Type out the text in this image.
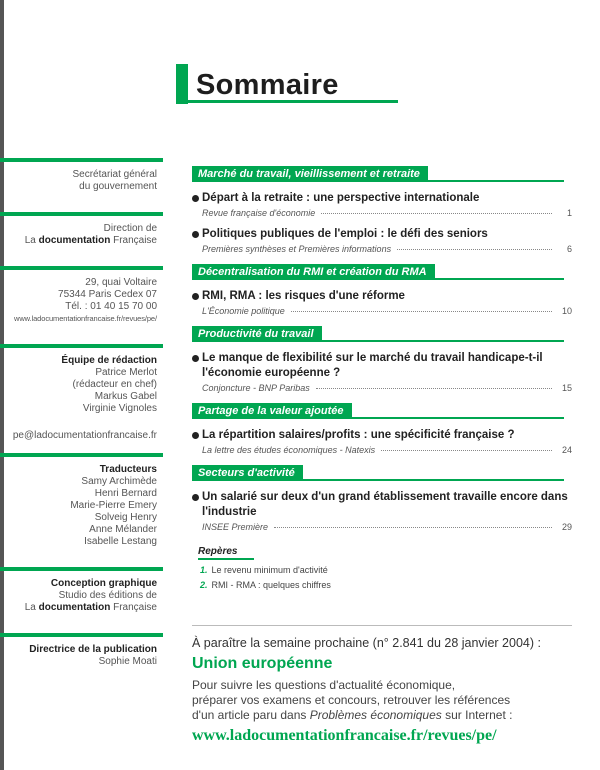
Sommaire
Secrétariat général
du gouvernement
Direction de
La documentation Française
29, quai Voltaire
75344 Paris Cedex 07
Tél. : 01 40 15 70 00
www.ladocumentationfrancaise.fr/revues/pe/
Équipe de rédaction
Patrice Merlot
(rédacteur en chef)
Markus Gabel
Virginie Vignoles
pe@ladocumentationfrancaise.fr
Traducteurs
Samy Archimède
Henri Bernard
Marie-Pierre Emery
Solveig Henry
Anne Mélander
Isabelle Lestang
Conception graphique
Studio des éditions de
La documentation Française
Directrice de la publication
Sophie Moati
Marché du travail, vieillissement et retraite
Départ à la retraite : une perspective internationale
Revue française d'économie	1
Politiques publiques de l'emploi : le défi des seniors
Premières synthèses et Premières informations	6
Décentralisation du RMI et création du RMA
RMI, RMA : les risques d'une réforme
L'Économie politique	10
Productivité du travail
Le manque de flexibilité sur le marché du travail handicape-t-il l'économie européenne ?
Conjoncture - BNP Paribas	15
Partage de la valeur ajoutée
La répartition salaires/profits : une spécificité française ?
La lettre des études économiques - Natexis	24
Secteurs d'activité
Un salarié sur deux d'un grand établissement travaille encore dans l'industrie
INSEE Première	29
Repères
1. Le revenu minimum d'activité
2. RMI - RMA : quelques chiffres
À paraître la semaine prochaine (n° 2.841 du 28 janvier 2004) :
Union européenne
Pour suivre les questions d'actualité économique,
préparer vos examens et concours, retrouver les références
d'un article paru dans Problèmes économiques sur Internet :
www.ladocumentationfrancaise.fr/revues/pe/
